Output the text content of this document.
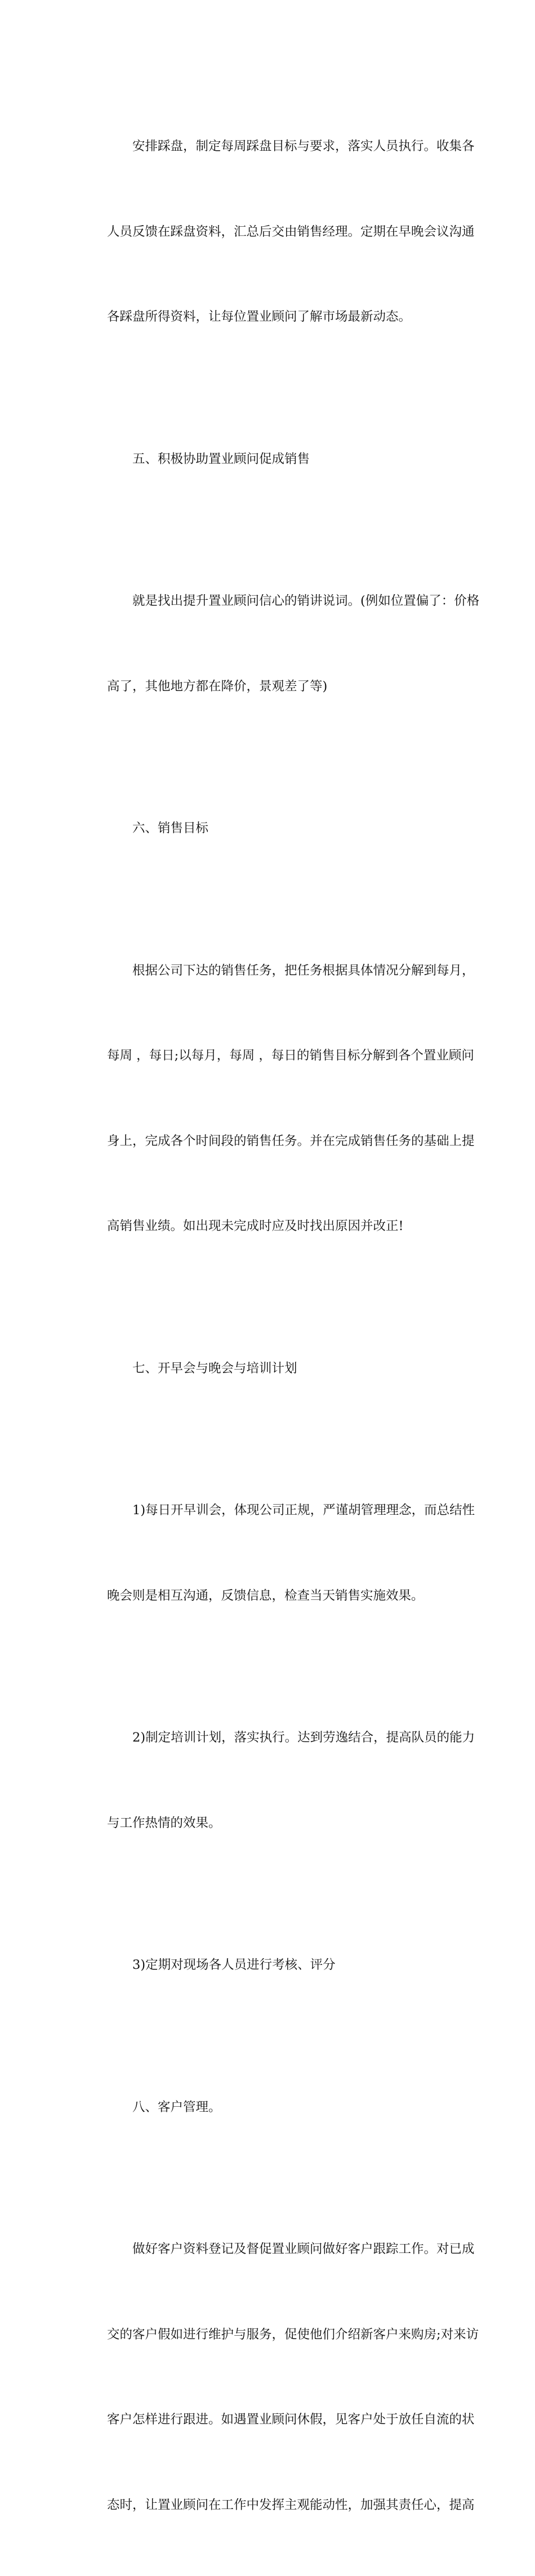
安排踩盘，制定每周踩盘目标与要求，落实人员执行。收集各

人员反馈在踩盘资料，汇总后交由销售经理。定期在早晚会议沟通

各踩盘所得资料，让每位置业顾问了解市场最新动态。

五、积极协助置业顾问促成销售

就是找出提升置业顾问信心的销讲说词。(例如位置偏了：价格

高了，其他地方都在降价，景观差了等)

六、销售目标

根据公司下达的销售任务，把任务根据具体情况分解到每月，

每周 ，每日;以每月，每周 ，每日的销售目标分解到各个置业顾问

身上，完成各个时间段的销售任务。并在完成销售任务的基础上提

高销售业绩。如出现未完成时应及时找出原因并改正!

七、开早会与晚会与培训计划

1)每日开早训会，体现公司正规，严谨胡管理理念，而总结性

晚会则是相互沟通，反馈信息，检查当天销售实施效果。

2)制定培训计划，落实执行。达到劳逸结合，提高队员的能力

与工作热情的效果。

3)定期对现场各人员进行考核、评分

八、客户管理。

做好客户资料登记及督促置业顾问做好客户跟踪工作。对已成

交的客户假如进行维护与服务，促使他们介绍新客户来购房;对来访

客户怎样进行跟进。如遇置业顾问休假，见客户处于放任自流的状

态时，让置业顾问在工作中发挥主观能动性，加强其责任心，提高
